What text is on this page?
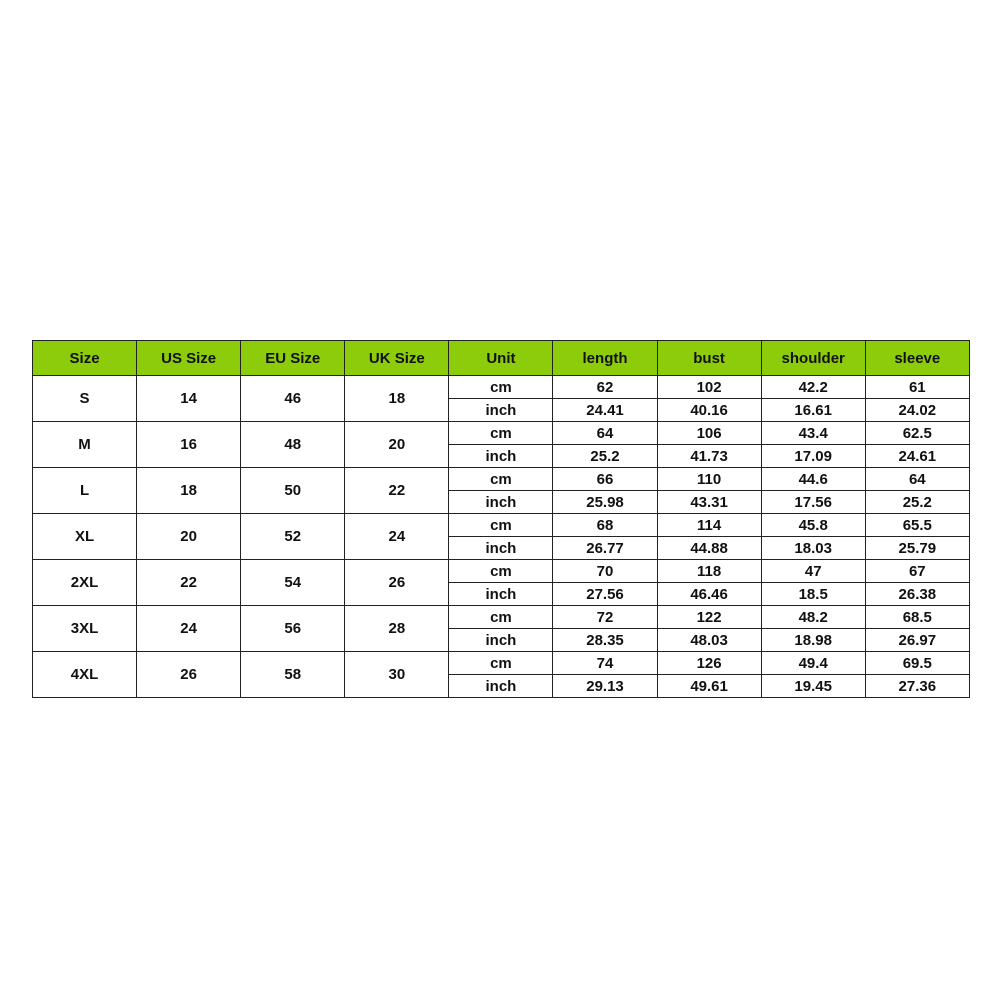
Size	US Size	EU Size	UK Size	Unit	length	bust	shoulder	sleeve
S	14	46	18	cm	62	102	42.2	61
				inch	24.41	40.16	16.61	24.02
M	16	48	20	cm	64	106	43.4	62.5
				inch	25.2	41.73	17.09	24.61
L	18	50	22	cm	66	110	44.6	64
				inch	25.98	43.31	17.56	25.2
XL	20	52	24	cm	68	114	45.8	65.5
				inch	26.77	44.88	18.03	25.79
2XL	22	54	26	cm	70	118	47	67
				inch	27.56	46.46	18.5	26.38
3XL	24	56	28	cm	72	122	48.2	68.5
				inch	28.35	48.03	18.98	26.97
4XL	26	58	30	cm	74	126	49.4	69.5
				inch	29.13	49.61	19.45	27.36
